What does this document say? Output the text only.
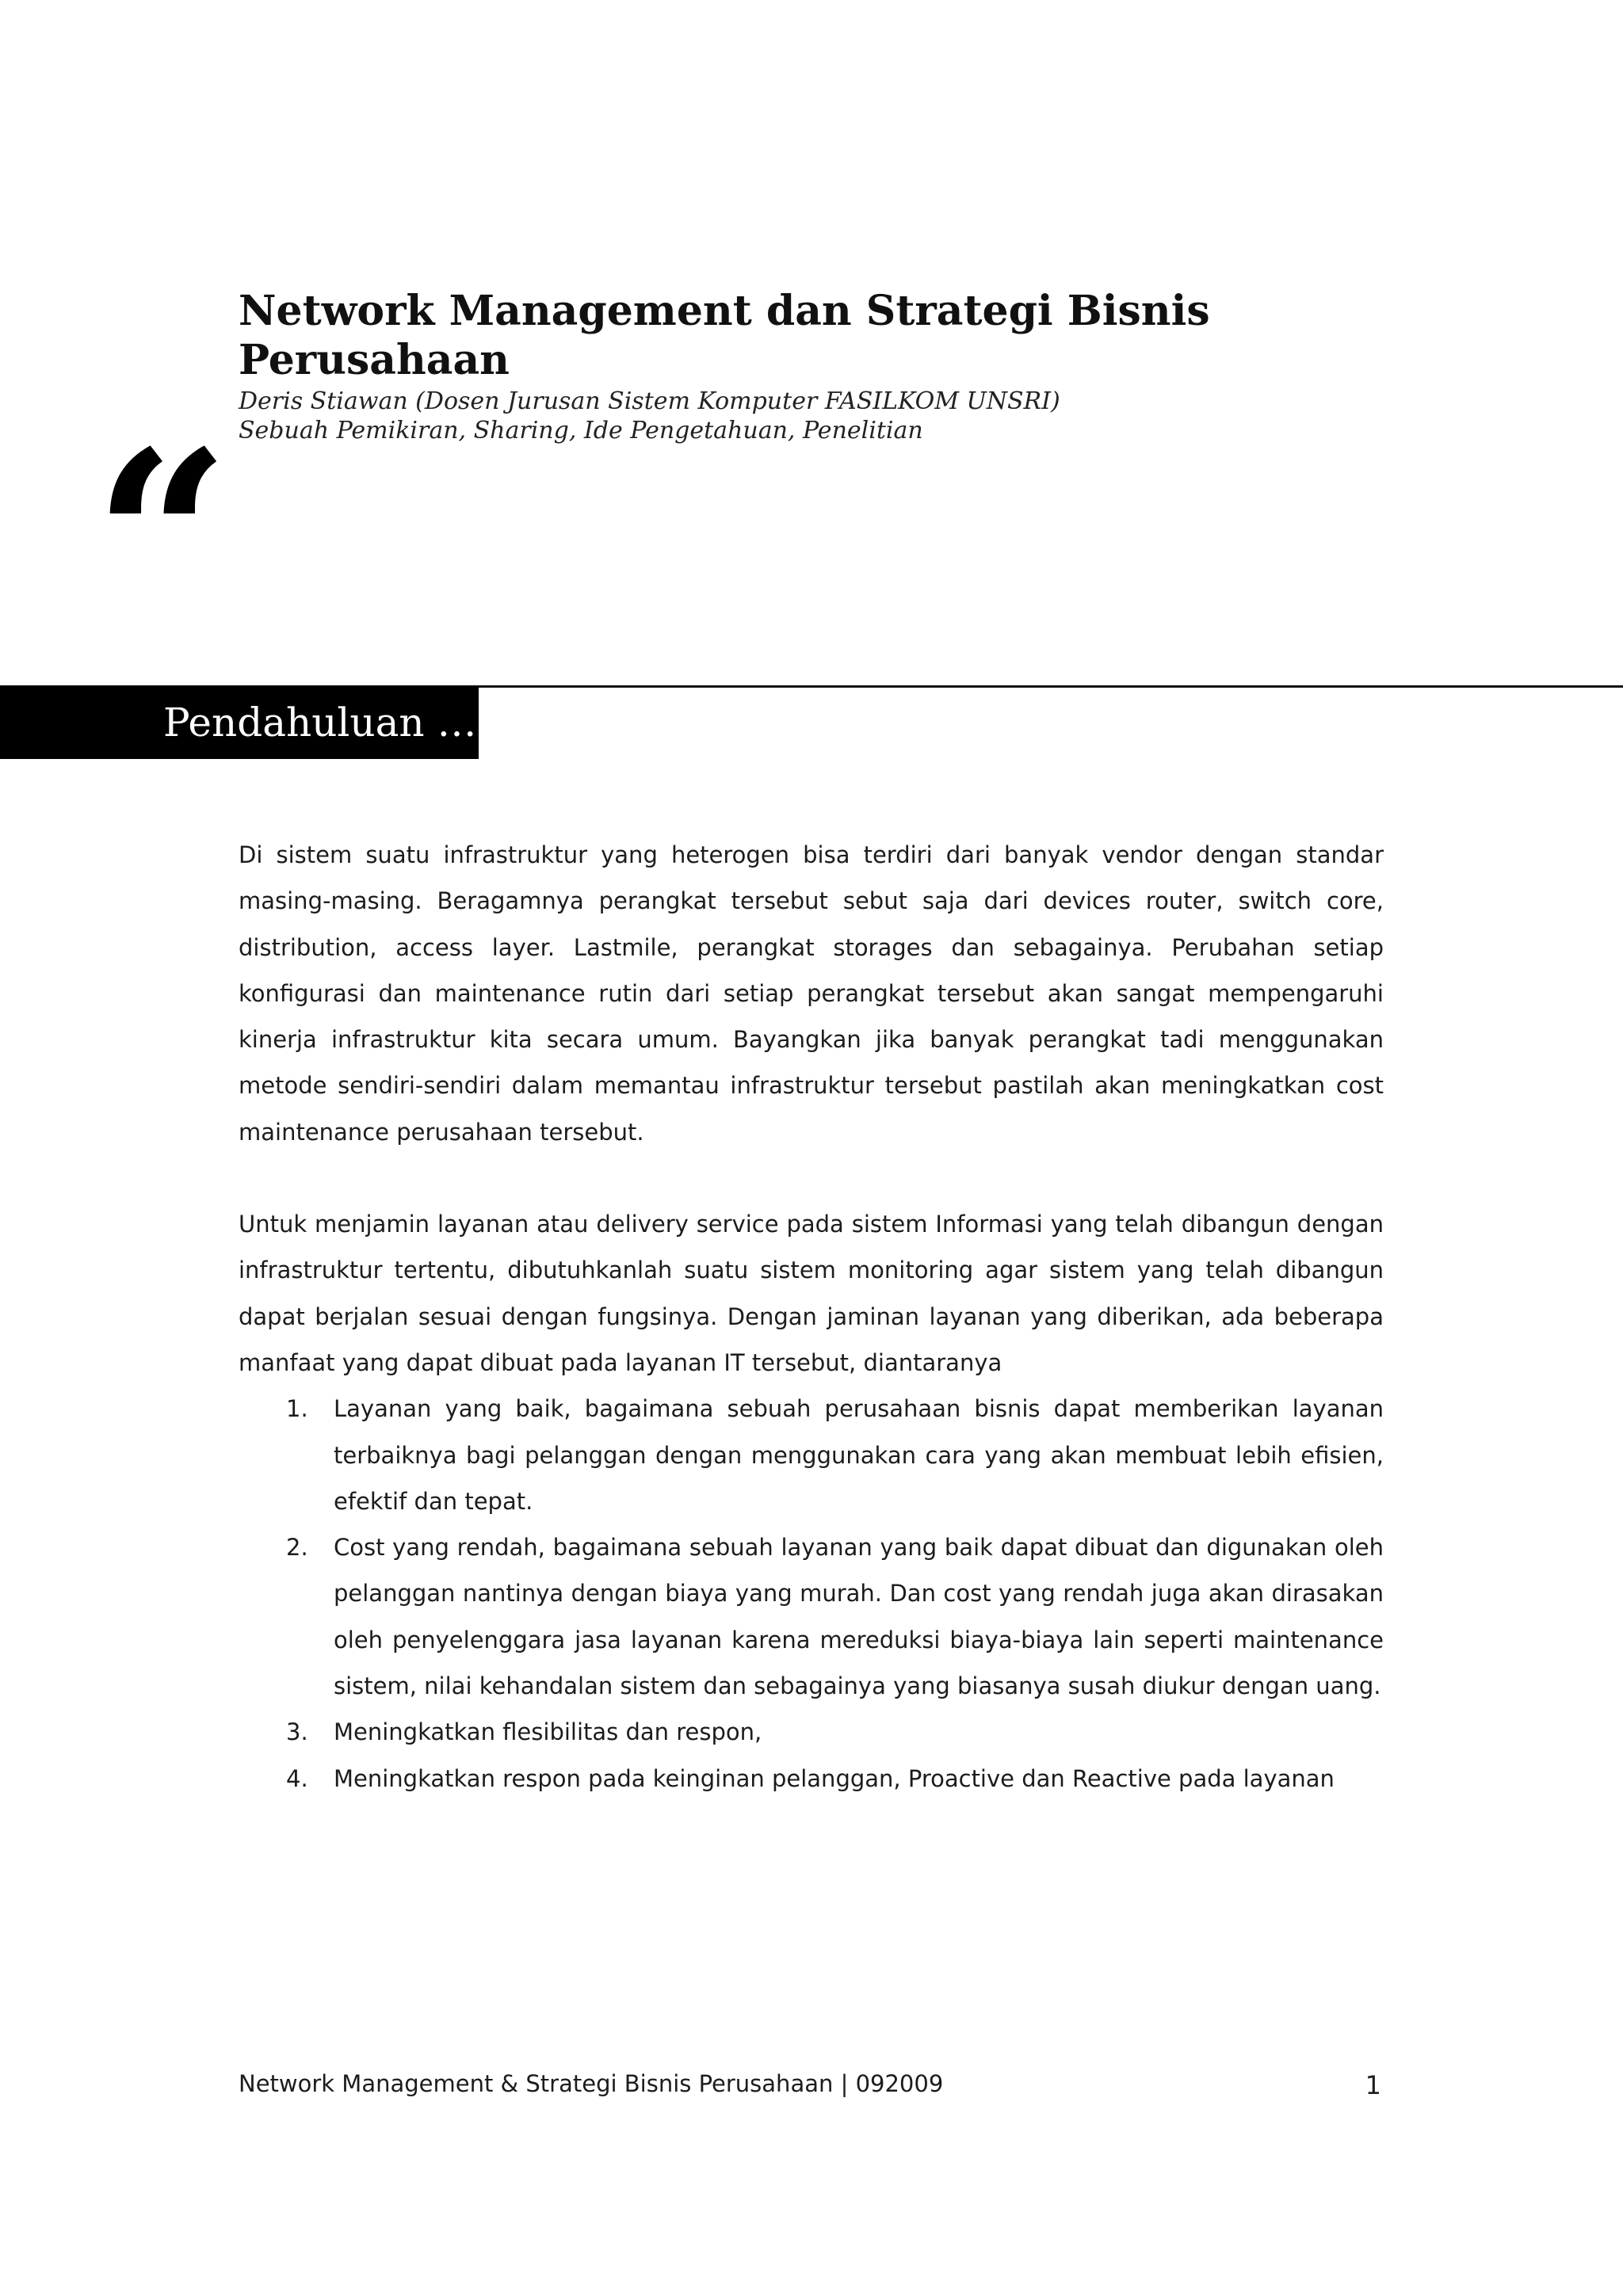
Network Management dan Strategi Bisnis Perusahaan

Deris Stiawan (Dosen Jurusan Sistem Komputer FASILKOM UNSRI)

Sebuah Pemikiran, Sharing, Ide Pengetahuan, Penelitian

“
Pendahuluan …

Di sistem suatu infrastruktur yang heterogen bisa terdiri dari banyak vendor dengan standar masing-masing. Beragamnya perangkat tersebut sebut saja dari devices router, switch core, distribution, access layer. Lastmile, perangkat storages dan sebagainya. Perubahan setiap konfigurasi dan maintenance rutin dari setiap perangkat tersebut akan sangat mempengaruhi kinerja infrastruktur kita secara umum. Bayangkan jika banyak perangkat tadi menggunakan metode sendiri-sendiri dalam memantau infrastruktur tersebut pastilah akan meningkatkan cost maintenance perusahaan tersebut.

Untuk menjamin layanan atau delivery service pada sistem Informasi yang telah dibangun dengan infrastruktur tertentu, dibutuhkanlah suatu sistem monitoring agar sistem yang telah dibangun dapat berjalan sesuai dengan fungsinya. Dengan jaminan layanan yang diberikan, ada beberapa manfaat yang dapat dibuat pada layanan IT tersebut, diantaranya

1. Layanan yang baik, bagaimana sebuah perusahaan bisnis dapat memberikan layanan terbaiknya bagi pelanggan dengan menggunakan cara yang akan membuat lebih efisien, efektif dan tepat.
2. Cost yang rendah, bagaimana sebuah layanan yang baik dapat dibuat dan digunakan oleh pelanggan nantinya dengan biaya yang murah. Dan cost yang rendah juga akan dirasakan oleh penyelenggara jasa layanan karena mereduksi biaya-biaya lain seperti maintenance sistem, nilai kehandalan sistem dan sebagainya yang biasanya susah diukur dengan uang.
3. Meningkatkan flesibilitas dan respon,
4. Meningkatkan respon pada keinginan pelanggan, Proactive dan Reactive pada layanan
Network Management & Strategi Bisnis Perusahaan | 092009	1
